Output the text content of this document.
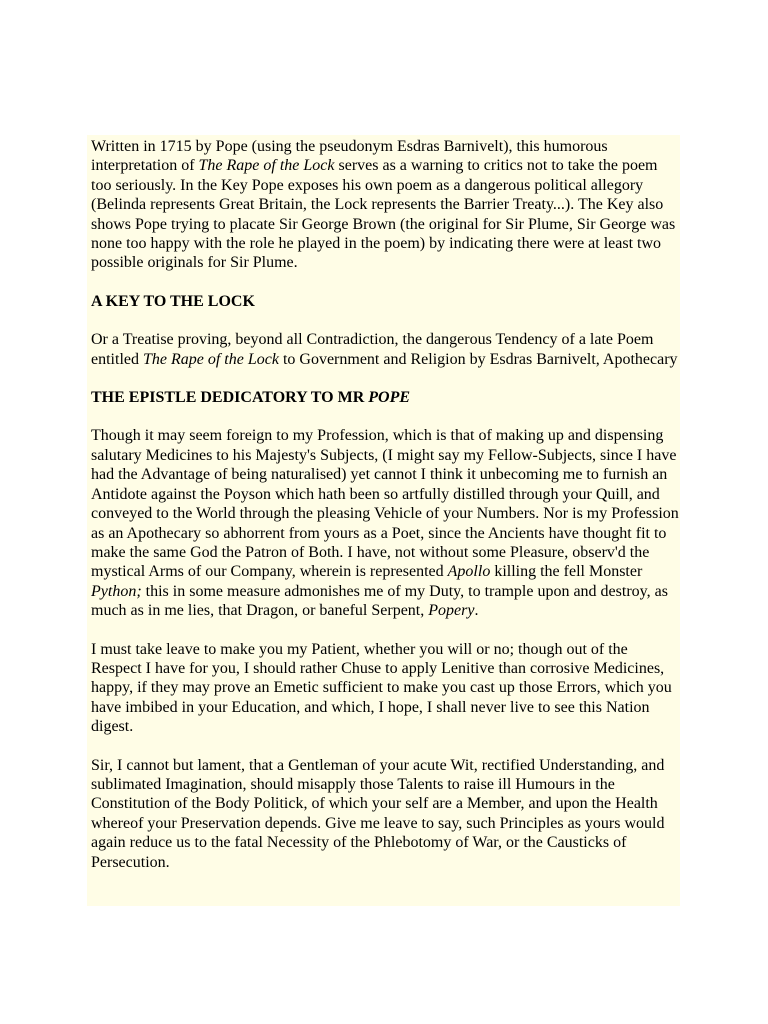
Written in 1715 by Pope (using the pseudonym Esdras Barnivelt), this humorous interpretation of The Rape of the Lock serves as a warning to critics not to take the poem too seriously. In the Key Pope exposes his own poem as a dangerous political allegory (Belinda represents Great Britain, the Lock represents the Barrier Treaty...). The Key also shows Pope trying to placate Sir George Brown (the original for Sir Plume, Sir George was none too happy with the role he played in the poem) by indicating there were at least two possible originals for Sir Plume.

A KEY TO THE LOCK

Or a Treatise proving, beyond all Contradiction, the dangerous Tendency of a late Poem entitled The Rape of the Lock to Government and Religion by Esdras Barnivelt, Apothecary

THE EPISTLE DEDICATORY TO MR POPE

Though it may seem foreign to my Profession, which is that of making up and dispensing salutary Medicines to his Majesty's Subjects, (I might say my Fellow-Subjects, since I have had the Advantage of being naturalised) yet cannot I think it unbecoming me to furnish an Antidote against the Poyson which hath been so artfully distilled through your Quill, and conveyed to the World through the pleasing Vehicle of your Numbers. Nor is my Profession as an Apothecary so abhorrent from yours as a Poet, since the Ancients have thought fit to make the same God the Patron of Both. I have, not without some Pleasure, observ'd the mystical Arms of our Company, wherein is represented Apollo killing the fell Monster Python; this in some measure admonishes me of my Duty, to trample upon and destroy, as much as in me lies, that Dragon, or baneful Serpent, Popery.

I must take leave to make you my Patient, whether you will or no; though out of the Respect I have for you, I should rather Chuse to apply Lenitive than corrosive Medicines, happy, if they may prove an Emetic sufficient to make you cast up those Errors, which you have imbibed in your Education, and which, I hope, I shall never live to see this Nation digest.

Sir, I cannot but lament, that a Gentleman of your acute Wit, rectified Understanding, and sublimated Imagination, should misapply those Talents to raise ill Humours in the Constitution of the Body Politick, of which your self are a Member, and upon the Health whereof your Preservation depends. Give me leave to say, such Principles as yours would again reduce us to the fatal Necessity of the Phlebotomy of War, or the Causticks of Persecution.
